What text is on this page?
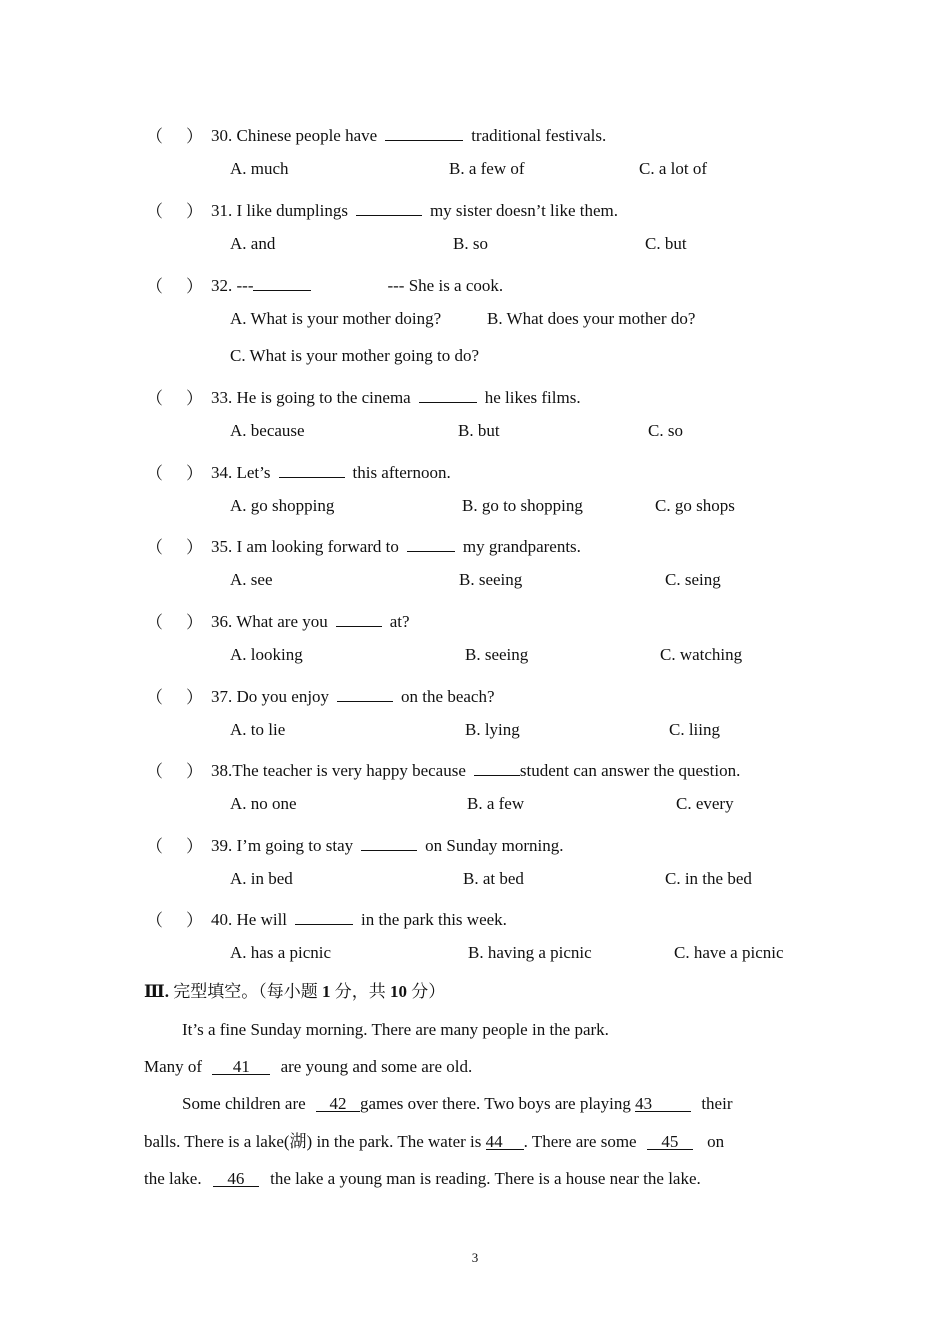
（ ） 30. Chinese people have	traditional festivals.
A. much	B. a few of	C. a lot of
（ ） 31. I like dumplings	my sister doesn’t like them.
A. and	B. so	C. but
（ ） 32. ---	--- She is a cook.
A. What is your mother doing?	B. What does your mother do?
C. What is your mother going to do?
（ ） 33. He is going to the cinema	he likes films.
A. because	B. but	C. so
（ ） 34. Let’s	this afternoon.
A. go shopping	B. go to shopping	C. go shops
（ ） 35. I am looking forward to	my grandparents.
A. see	B. seeing	C. seing
（ ） 36. What are you	at?
A. looking	B. seeing	C. watching
（ ） 37. Do you enjoy	on the beach?
A. to lie	B. lying	C. liing
（ ） 38.The teacher is very happy because	student can answer the question.
A. no one	B. a few	C. every
（ ） 39. I’m going to stay	on Sunday morning.
A. in bed	B. at bed	C. in the bed
（ ） 40. He will	in the park this week.
A. has a picnic	B. having a picnic	C. have a picnic
Ⅲ. 完型填空。（每小题 1 分，共 10 分）
It’s a fine Sunday morning. There are many people in the park.
Many of 41 are young and some are old.
Some children are 42 games over there. Two boys are playing 43	their
balls. There is a lake(湖) in the park. The water is 44 . There are some 45 on
the lake. 46 the lake a young man is reading. There is a house near the lake.
3
